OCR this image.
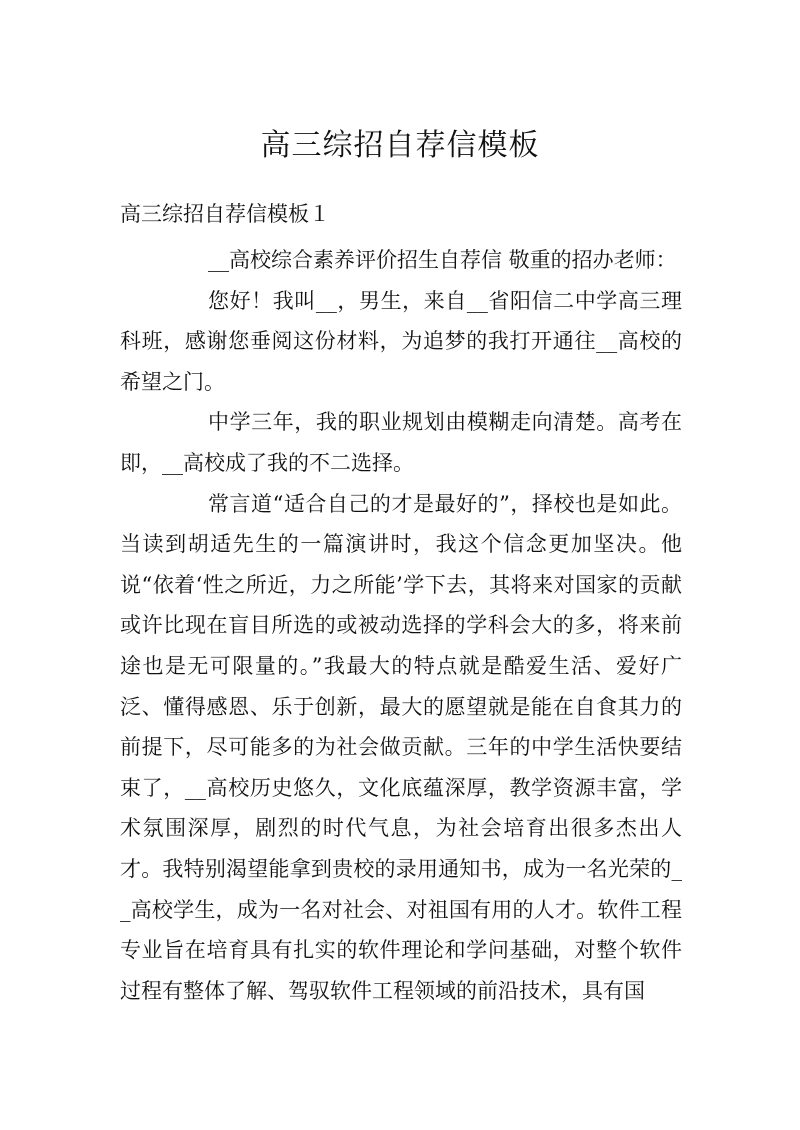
高三综招自荐信模板
高三综招自荐信模板１

__高校综合素养评价招生自荐信 敬重的招办老师：

您好！我叫__，男生，来自__省阳信二中学高三理科班，感谢您垂阅这份材料，为追梦的我打开通往__高校的希望之门。

中学三年，我的职业规划由模糊走向清楚。高考在即，__高校成了我的不二选择。

常言道“适合自己的才是最好的”，择校也是如此。当读到胡适先生的一篇演讲时，我这个信念更加坚决。他说“依着‘性之所近，力之所能’学下去，其将来对国家的贡献或许比现在盲目所选的或被动选择的学科会大的多，将来前途也是无可限量的。”我最大的特点就是酷爱生活、爱好广泛、懂得感恩、乐于创新，最大的愿望就是能在自食其力的前提下，尽可能多的为社会做贡献。三年的中学生活快要结束了，__高校历史悠久，文化底蕴深厚，教学资源丰富，学术氛围深厚，剧烈的时代气息，为社会培育出很多杰出人才。我特别渴望能拿到贵校的录用通知书，成为一名光荣的__高校学生，成为一名对社会、对祖国有用的人才。软件工程专业旨在培育具有扎实的软件理论和学问基础，对整个软件过程有整体了解、驾驭软件工程领域的前沿技术，具有国
